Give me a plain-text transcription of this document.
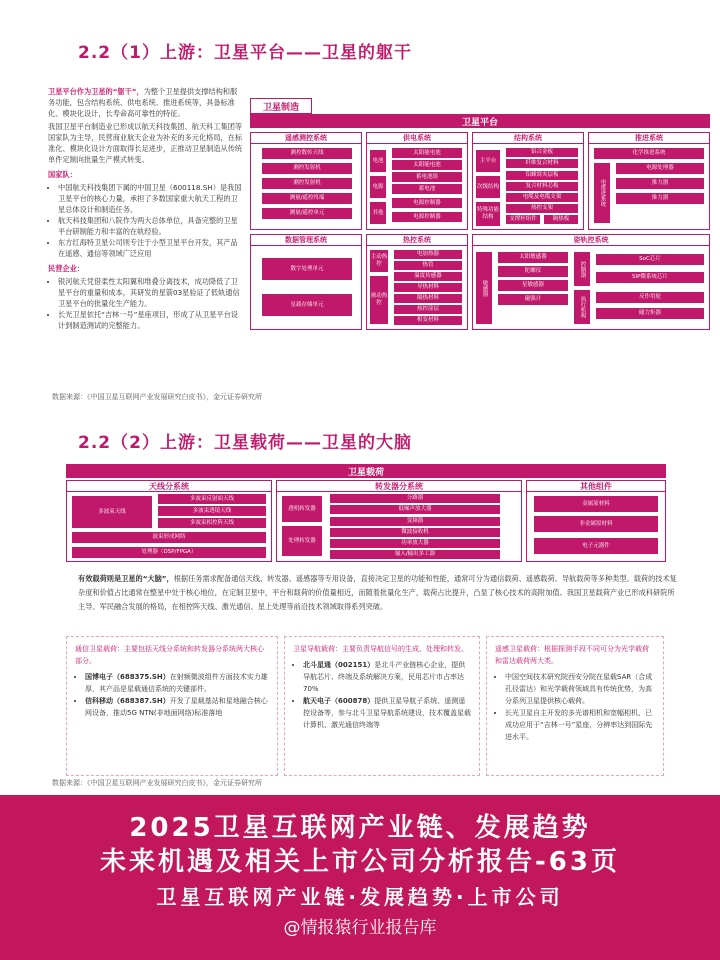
2.2（1）上游：卫星平台——卫星的躯干

卫星平台作为卫星的“躯干”，为整个卫星提供支撑结构和服务功能，包含结构系统、供电系统、推进系统等，具备标准化、模块化设计，长寿命高可靠性的特征。

我国卫星平台制造业已形成以航天科技集团、航天科工集团等国家队为主导，民营商业航天企业为补充的多元化格局，在标准化、模块化设计方面取得长足进步，正推动卫星制造从传统单件定制向批量生产模式转变。

国家队：

• 中国航天科技集团下属的中国卫星（600118.SH）是我国卫星平台的核心力量，承担了多数国家重大航天工程的卫星总体设计和制造任务。
• 航天科技集团和八院作为两大总体单位，具备完整的卫星平台研制能力和丰富的在轨经验。
• 东方红海特卫星公司则专注于小型卫星平台开发，其产品在遥感、通信等领域广泛应用

民营企业：

• 银河航天凭借柔性太阳翼和堆叠分离技术，成功降低了卫星平台的重量和成本，其研发的星箭03星验证了低轨通信卫星平台的批量化生产能力。
• 长光卫星依托“吉林一号”星座项目，形成了从卫星平台设计到制造测试的完整能力。
卫星制造
卫星平台
遥感测控系统
测控数传天线
测控发射机
测控发射机
测量/遥控终端
测量/遥控单元
供电系统
电池
电源
其他
太阳能电池
太阳能电池
蓄电池组
蓄电池
电源控制器
电源控制器
结构系统
主平台
次级结构
特殊功能结构
铝合金板
纤维复合材料
铝蜂窝夹层板
复合材料芯板
电缆及电缆支架
热控支架
支撑杆组件	隔热板
推进系统
化学推进系统
电推进系统
电源处理器
推力器
推力器
数据管理系统
数字处理单元
星载存储单元
热控系统
主动热控
被动热控
电加热器
热管
温度传感器
导热材料
隔热材料
热控涂层
相变材料
姿轨控系统
敏感器
太阳敏感器
陀螺仪
星敏感器
磁强计
控制器
SoC芯片
SIP微系统芯片
执行机构	反作用轮
磁力矩器
数据来源：《中国卫星互联网产业发展研究白皮书》，金元证券研究所
2.2（2）上游：卫星载荷——卫星的大脑
卫星载荷
天线分系统
多波束天线
多波束反射面天线
多波束透镜天线
多波束相控阵天线
波束形成网络
处理器（DSP/FPGA）
转发器分系统
透明转发器
处理转发器
分路器
低噪声放大器
变频器
微波接收机
功率放大器
输入/输出多工器
其他组件
金属原材料
非金属原材料
电子元器件
有效载荷则是卫星的“大脑”，根据任务需求配备通信天线、转发器、遥感器等专用设备，直接决定卫星的功能和性能，通常可分为通信载荷、遥感载荷、导航载荷等多种类型。载荷的技术复杂度和价值占比通常在整星中处于核心地位，在定制卫星中，平台和载荷的价值量相近，而随着批量化生产，载荷占比提升，凸显了核心技术的高附加值。我国卫星载荷产业已形成科研院所主导、军民融合发展的格局，在相控阵天线、激光通信、星上处理等前沿技术领域取得系列突破。
通信卫星载荷：主要包括天线分系统和转发器分系统两大核心部分。
• 国博电子（688375.SH）在射频微波组件方面技术实力雄厚，其产品是星载通信系统的关键部件。
• 信科移动（688387.SH）开发了星载基站和星地融合核心网设备，推动5G NTN(非地面网络)标准落地
卫星导航载荷：主要负责导航信号的生成、处理和转发。
• 北斗星通（002151）是北斗产业链核心企业，提供导航芯片、终端及系统解决方案，民用芯片市占率达70%
• 航天电子（600878）提供卫星导航子系统、遥测遥控设备等，参与北斗卫星导航系统建设，技术覆盖星载计算机、激光通信终端等
遥感卫星载荷：根据探测手段不同可分为光学载荷和雷达载荷两大类。
• 中国空间技术研究院西安分院在星载SAR（合成孔径雷达）和光学载荷领域具有传统优势，为高分系列卫星提供核心载荷。
• 长光卫星自主开发的多光谱相机和宽幅相机，已成功应用于“吉林一号”星座，分辨率达到国际先进水平。
数据来源：《中国卫星互联网产业发展研究白皮书》，金元证券研究所
2025卫星互联网产业链、发展趋势
未来机遇及相关上市公司分析报告-63页
卫星互联网产业链·发展趋势·上市公司
@情报猿行业报告库
